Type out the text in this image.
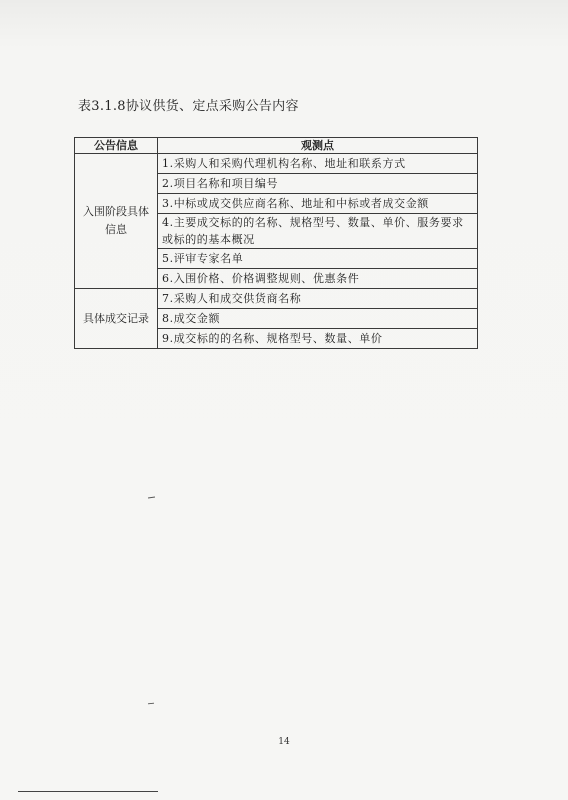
表3.1.8协议供货、定点采购公告内容
公告信息	观测点
入围阶段具体信息	1.采购人和采购代理机构名称、地址和联系方式
	2.项目名称和项目编号
	3.中标或成交供应商名称、地址和中标或者成交金额
	4.主要成交标的的名称、规格型号、数量、单价、服务要求或标的的基本概况
	5.评审专家名单
	6.入围价格、价格调整规则、优惠条件
具体成交记录	7.采购人和成交供货商名称
	8.成交金额
	9.成交标的的名称、规格型号、数量、单价
14
